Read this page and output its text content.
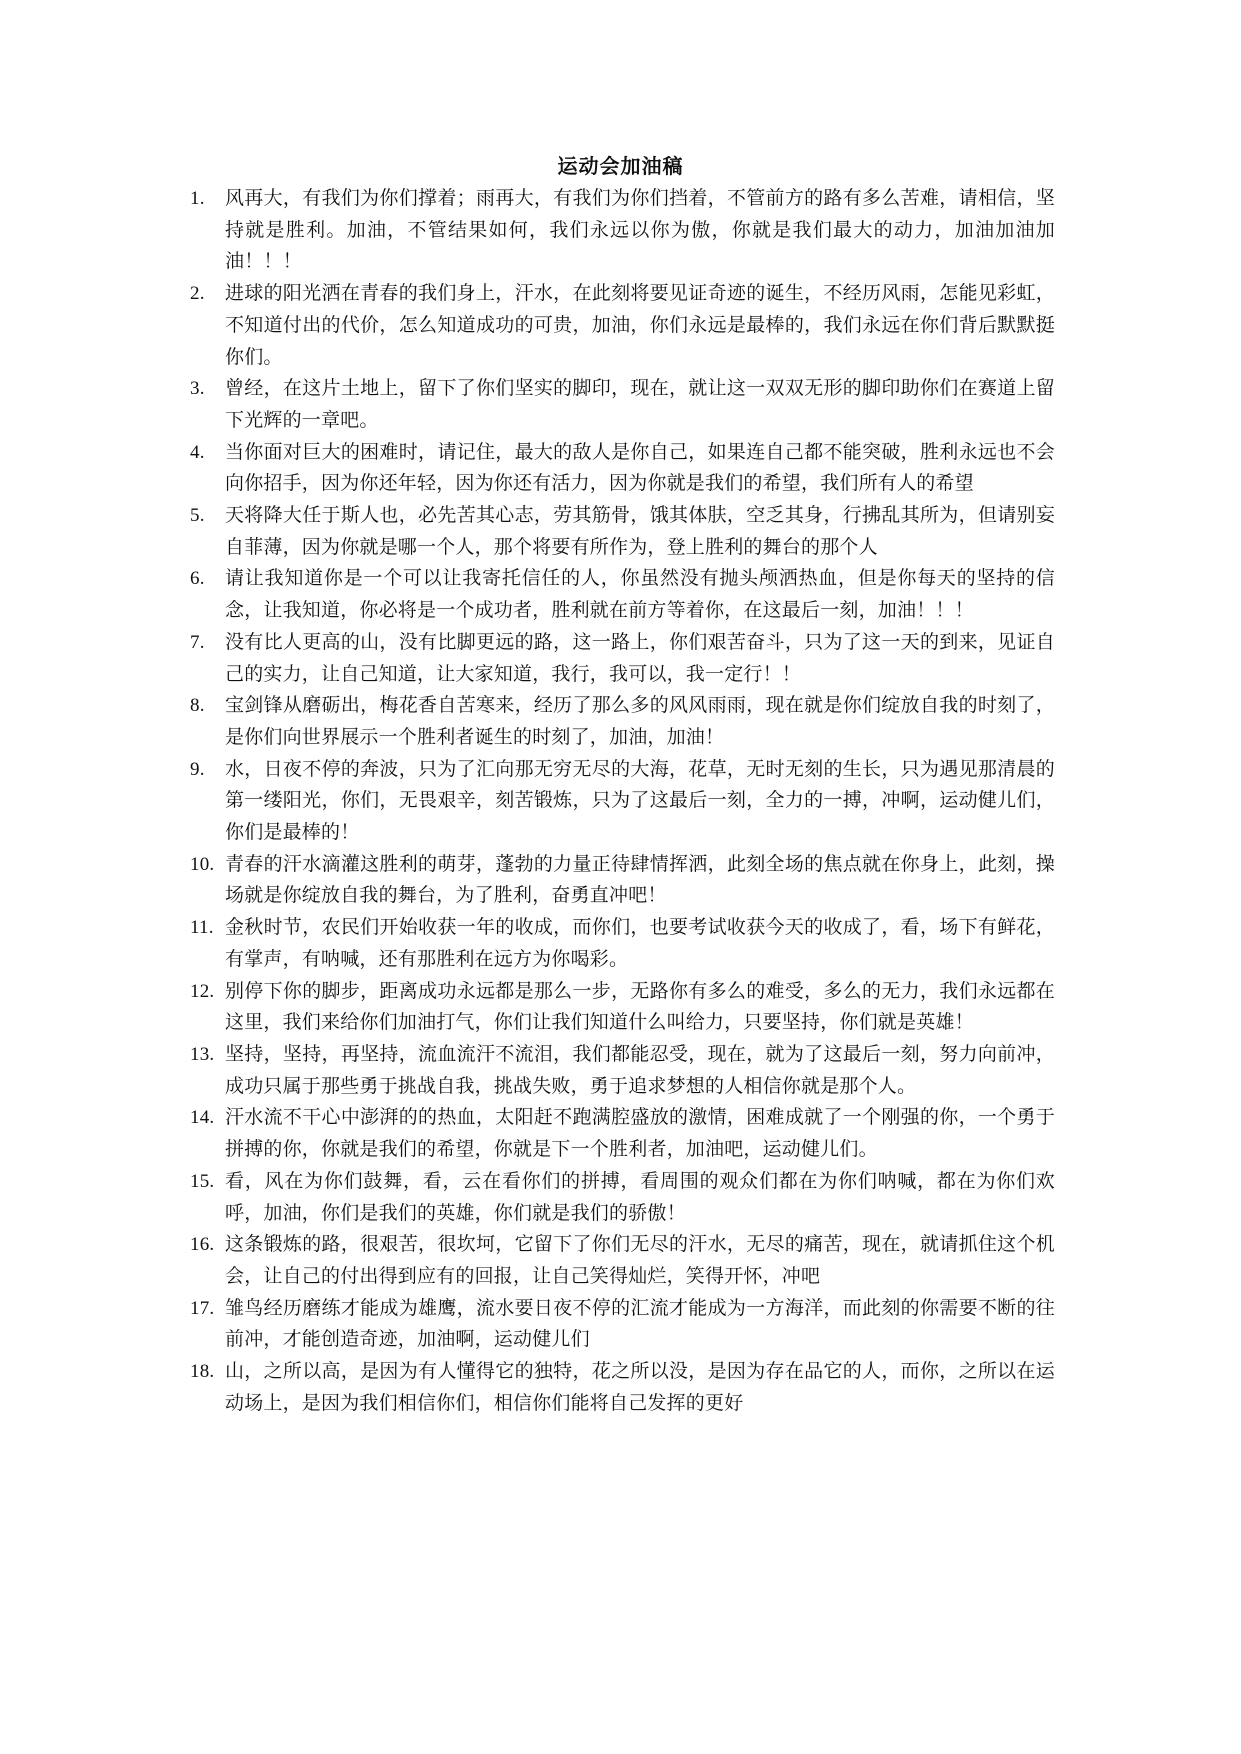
运动会加油稿
1.	风再大，有我们为你们撑着；雨再大，有我们为你们挡着，不管前方的路有多么苦难，请相信，坚持就是胜利。加油，不管结果如何，我们永远以你为傲，你就是我们最大的动力，加油加油加油！！！
2.	进球的阳光洒在青春的我们身上，汗水，在此刻将要见证奇迹的诞生，不经历风雨，怎能见彩虹，不知道付出的代价，怎么知道成功的可贵，加油，你们永远是最棒的，我们永远在你们背后默默挺你们。
3.	曾经，在这片土地上，留下了你们坚实的脚印，现在，就让这一双双无形的脚印助你们在赛道上留下光辉的一章吧。
4.	当你面对巨大的困难时，请记住，最大的敌人是你自己，如果连自己都不能突破，胜利永远也不会向你招手，因为你还年轻，因为你还有活力，因为你就是我们的希望，我们所有人的希望
5.	天将降大任于斯人也，必先苦其心志，劳其筋骨，饿其体肤，空乏其身，行拂乱其所为，但请别妄自菲薄，因为你就是哪一个人，那个将要有所作为，登上胜利的舞台的那个人
6.	请让我知道你是一个可以让我寄托信任的人，你虽然没有抛头颅洒热血，但是你每天的坚持的信念，让我知道，你必将是一个成功者，胜利就在前方等着你，在这最后一刻，加油！！！
7.	没有比人更高的山，没有比脚更远的路，这一路上，你们艰苦奋斗，只为了这一天的到来，见证自己的实力，让自己知道，让大家知道，我行，我可以，我一定行！！
8.	宝剑锋从磨砺出，梅花香自苦寒来，经历了那么多的风风雨雨，现在就是你们绽放自我的时刻了，是你们向世界展示一个胜利者诞生的时刻了，加油，加油！
9.	水，日夜不停的奔波，只为了汇向那无穷无尽的大海，花草，无时无刻的生长，只为遇见那清晨的第一缕阳光，你们，无畏艰辛，刻苦锻炼，只为了这最后一刻，全力的一搏，冲啊，运动健儿们，你们是最棒的！
10. 青春的汗水滴灌这胜利的萌芽，蓬勃的力量正待肆情挥洒，此刻全场的焦点就在你身上，此刻，操场就是你绽放自我的舞台，为了胜利，奋勇直冲吧！
11. 金秋时节，农民们开始收获一年的收成，而你们，也要考试收获今天的收成了，看，场下有鲜花，有掌声，有呐喊，还有那胜利在远方为你喝彩。
12. 别停下你的脚步，距离成功永远都是那么一步，无路你有多么的难受，多么的无力，我们永远都在这里，我们来给你们加油打气，你们让我们知道什么叫给力，只要坚持，你们就是英雄！
13. 坚持，坚持，再坚持，流血流汗不流泪，我们都能忍受，现在，就为了这最后一刻，努力向前冲，成功只属于那些勇于挑战自我，挑战失败，勇于追求梦想的人相信你就是那个人。
14. 汗水流不干心中澎湃的的热血，太阳赶不跑满腔盛放的激情，困难成就了一个刚强的你，一个勇于拼搏的你，你就是我们的希望，你就是下一个胜利者，加油吧，运动健儿们。
15. 看，风在为你们鼓舞，看，云在看你们的拼搏，看周围的观众们都在为你们呐喊，都在为你们欢呼，加油，你们是我们的英雄，你们就是我们的骄傲！
16. 这条锻炼的路，很艰苦，很坎坷，它留下了你们无尽的汗水，无尽的痛苦，现在，就请抓住这个机会，让自己的付出得到应有的回报，让自己笑得灿烂，笑得开怀，冲吧
17. 雏鸟经历磨练才能成为雄鹰，流水要日夜不停的汇流才能成为一方海洋，而此刻的你需要不断的往前冲，才能创造奇迹，加油啊，运动健儿们
18. 山，之所以高，是因为有人懂得它的独特，花之所以没，是因为存在品它的人，而你，之所以在运动场上，是因为我们相信你们，相信你们能将自己发挥的更好
